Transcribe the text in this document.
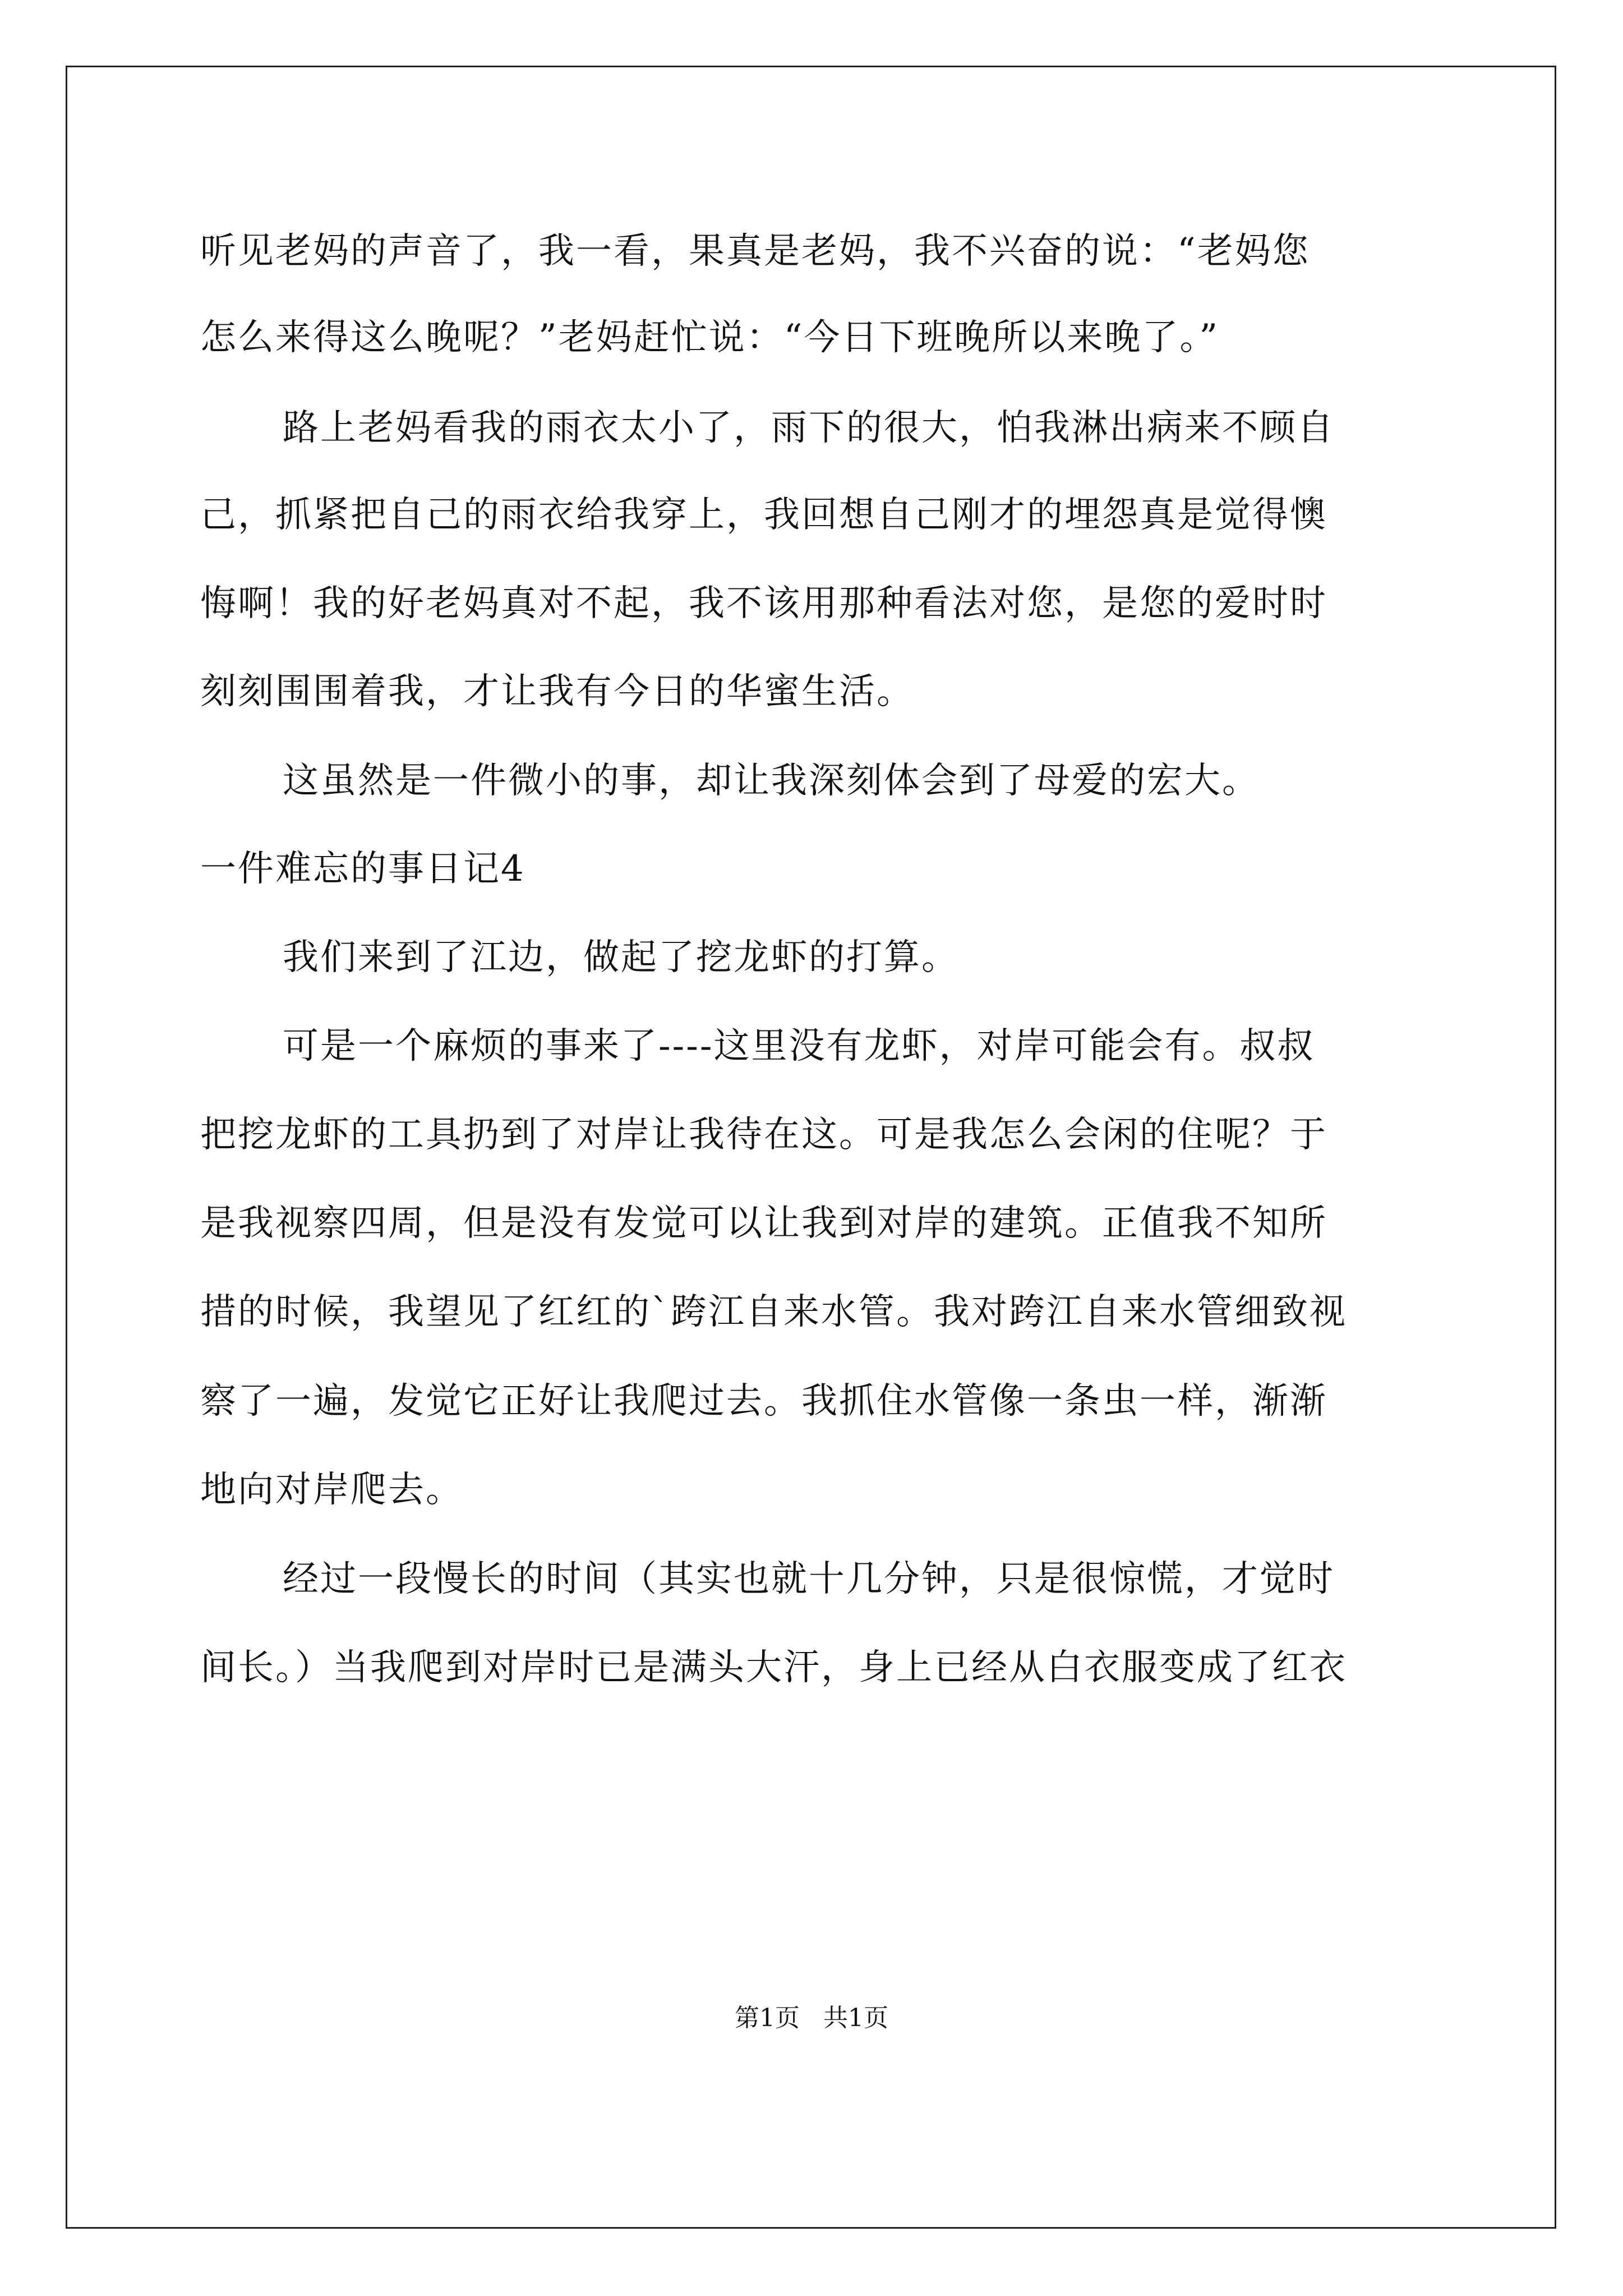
听见老妈的声音了，我一看，果真是老妈，我不兴奋的说：“老妈您
怎么来得这么晚呢？”老妈赶忙说：“今日下班晚所以来晚了。”
路上老妈看我的雨衣太小了，雨下的很大，怕我淋出病来不顾自
己，抓紧把自己的雨衣给我穿上，我回想自己刚才的埋怨真是觉得懊
悔啊！我的好老妈真对不起，我不该用那种看法对您，是您的爱时时
刻刻围围着我，才让我有今日的华蜜生活。
这虽然是一件微小的事，却让我深刻体会到了母爱的宏大。
一件难忘的事日记4
我们来到了江边，做起了挖龙虾的打算。
可是一个麻烦的事来了----这里没有龙虾，对岸可能会有。叔叔
把挖龙虾的工具扔到了对岸让我待在这。可是我怎么会闲的住呢？于
是我视察四周，但是没有发觉可以让我到对岸的建筑。正值我不知所
措的时候，我望见了红红的`跨江自来水管。我对跨江自来水管细致视
察了一遍，发觉它正好让我爬过去。我抓住水管像一条虫一样，渐渐
地向对岸爬去。
经过一段慢长的时间（其实也就十几分钟，只是很惊慌，才觉时
间长。）当我爬到对岸时已是满头大汗，身上已经从白衣服变成了红衣
第1页   共1页
